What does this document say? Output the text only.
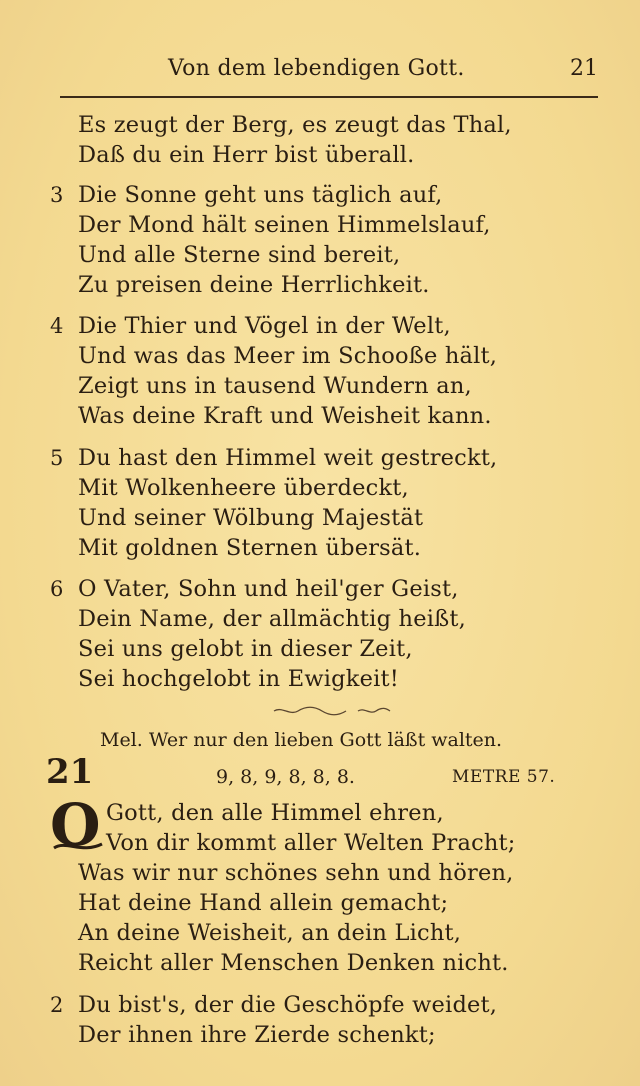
Von dem lebendigen Gott.	21
Es zeugt der Berg, es zeugt das Thal,
Daß du ein Herr bist überall.
3 Die Sonne geht uns täglich auf,
Der Mond hält seinen Himmelslauf,
Und alle Sterne sind bereit,
Zu preisen deine Herrlichkeit.
4 Die Thier und Vögel in der Welt,
Und was das Meer im Schooße hält,
Zeigt uns in tausend Wundern an,
Was deine Kraft und Weisheit kann.
5 Du hast den Himmel weit gestreckt,
Mit Wolkenheere überdeckt,
Und seiner Wölbung Majestät
Mit goldnen Sternen übersät.
6 O Vater, Sohn und heil'ger Geist,
Dein Name, der allmächtig heißt,
Sei uns gelobt in dieser Zeit,
Sei hochgelobt in Ewigkeit!
Mel. Wer nur den lieben Gott läßt walten.
21	9, 8, 9, 8, 8, 8.	METRE 57.
O Gott, den alle Himmel ehren,
Von dir kommt aller Welten Pracht;
Was wir nur schönes sehn und hören,
Hat deine Hand allein gemacht;
An deine Weisheit, an dein Licht,
Reicht aller Menschen Denken nicht.
2 Du bist's, der die Geschöpfe weidet,
Der ihnen ihre Zierde schenkt;
